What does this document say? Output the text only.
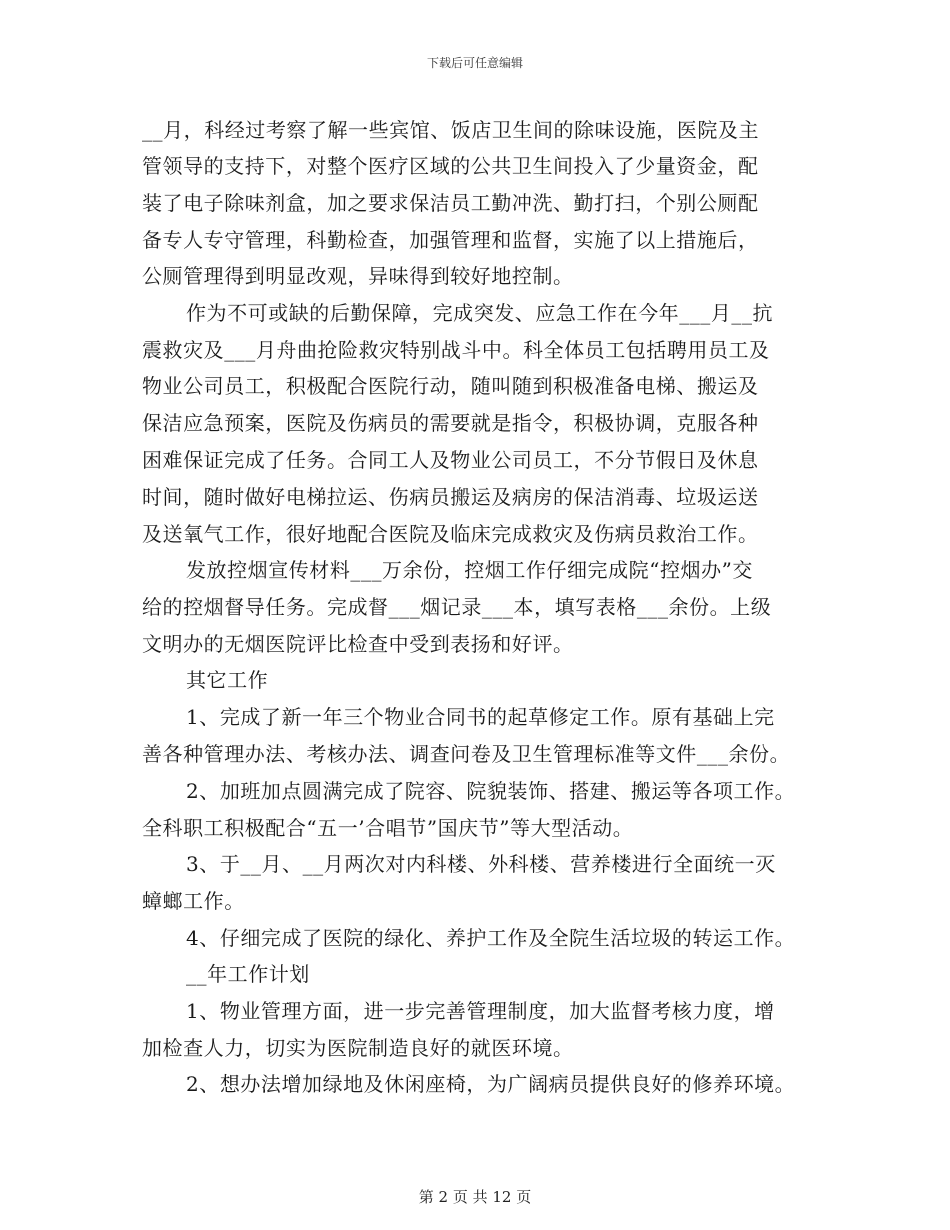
下载后可任意编辑
__月，科经过考察了解一些宾馆、饭店卫生间的除味设施，医院及主
管领导的支持下，对整个医疗区域的公共卫生间投入了少量资金，配
装了电子除味剂盒，加之要求保洁员工勤冲洗、勤打扫，个别公厕配
备专人专守管理，科勤检查，加强管理和监督，实施了以上措施后，
公厕管理得到明显改观，异味得到较好地控制。
作为不可或缺的后勤保障，完成突发、应急工作在今年___月__抗
震救灾及___月舟曲抢险救灾特别战斗中。科全体员工包括聘用员工及
物业公司员工，积极配合医院行动，随叫随到积极准备电梯、搬运及
保洁应急预案，医院及伤病员的需要就是指令，积极协调，克服各种
困难保证完成了任务。合同工人及物业公司员工，不分节假日及休息
时间，随时做好电梯拉运、伤病员搬运及病房的保洁消毒、垃圾运送
及送氧气工作，很好地配合医院及临床完成救灾及伤病员救治工作。
发放控烟宣传材料___万余份，控烟工作仔细完成院“控烟办”交
给的控烟督导任务。完成督___烟记录___本，填写表格___余份。上级
文明办的无烟医院评比检查中受到表扬和好评。
其它工作
1、完成了新一年三个物业合同书的起草修定工作。原有基础上完
善各种管理办法、考核办法、调查问卷及卫生管理标准等文件___余份。
2、加班加点圆满完成了院容、院貌装饰、搭建、搬运等各项工作。
全科职工积极配合“五一’合唱节”国庆节”等大型活动。
3、于__月、__月两次对内科楼、外科楼、营养楼进行全面统一灭
蟑螂工作。
4、仔细完成了医院的绿化、养护工作及全院生活垃圾的转运工作。
__年工作计划
1、物业管理方面，进一步完善管理制度，加大监督考核力度，增
加检查人力，切实为医院制造良好的就医环境。
2、想办法增加绿地及休闲座椅，为广阔病员提供良好的修养环境。
第 2 页 共 12 页
